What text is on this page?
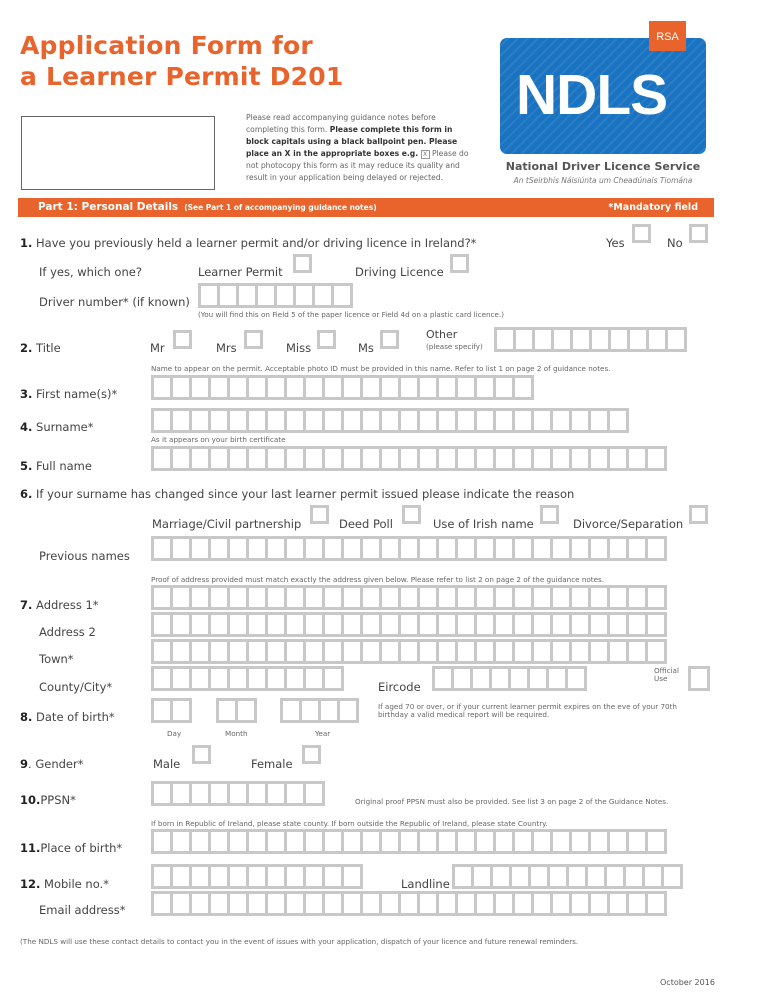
Application Form for
a Learner Permit D201
Please read accompanying guidance notes before completing this form. Please complete this form in block capitals using a black ballpoint pen. Please place an X in the appropriate boxes e.g. X Please do not photocopy this form as it may reduce its quality and result in your application being delayed or rejected.
NDLS
RSA
National Driver Licence Service
An tSeirbhís Náisiúnta um Cheadúnais Tiomána
Part 1: Personal Details (See Part 1 of accompanying guidance notes)	*Mandatory field
1. Have you previously held a learner permit and/or driving licence in Ireland?*	Yes	No
If yes, which one?	Learner Permit	Driving Licence
Driver number* (if known)
(You will find this on Field 5 of the paper licence or Field 4d on a plastic card licence.)
2. Title	Mr	Mrs	Miss	Ms
Other
(please specify)
Name to appear on the permit. Acceptable photo ID must be provided in this name. Refer to list 1 on page 2 of guidance notes.
3. First name(s)*
4. Surname*
As it appears on your birth certificate
5. Full name
6. If your surname has changed since your last learner permit issued please indicate the reason
Marriage/Civil partnership	Deed Poll	Use of Irish name	Divorce/Separation
Previous names
Proof of address provided must match exactly the address given below. Please refer to list 2 on page 2 of the guidance notes.
7. Address 1*
Address 2
Town*
County/City*	Eircode
Official Use
8. Date of birth*
Day	Month	Year
If aged 70 or over, or if your current learner permit expires on the eve of your 70th birthday a valid medical report will be required.
9. Gender*	Male	Female
10.PPSN*	Original proof PPSN must also be provided. See list 3 on page 2 of the Guidance Notes.
If born in Republic of Ireland, please state county. If born outside the Republic of Ireland, please state Country.
11.Place of birth*
12. Mobile no.*	Landline
Email address*
(The NDLS will use these contact details to contact you in the event of issues with your application, dispatch of your licence and future renewal reminders.
October 2016
